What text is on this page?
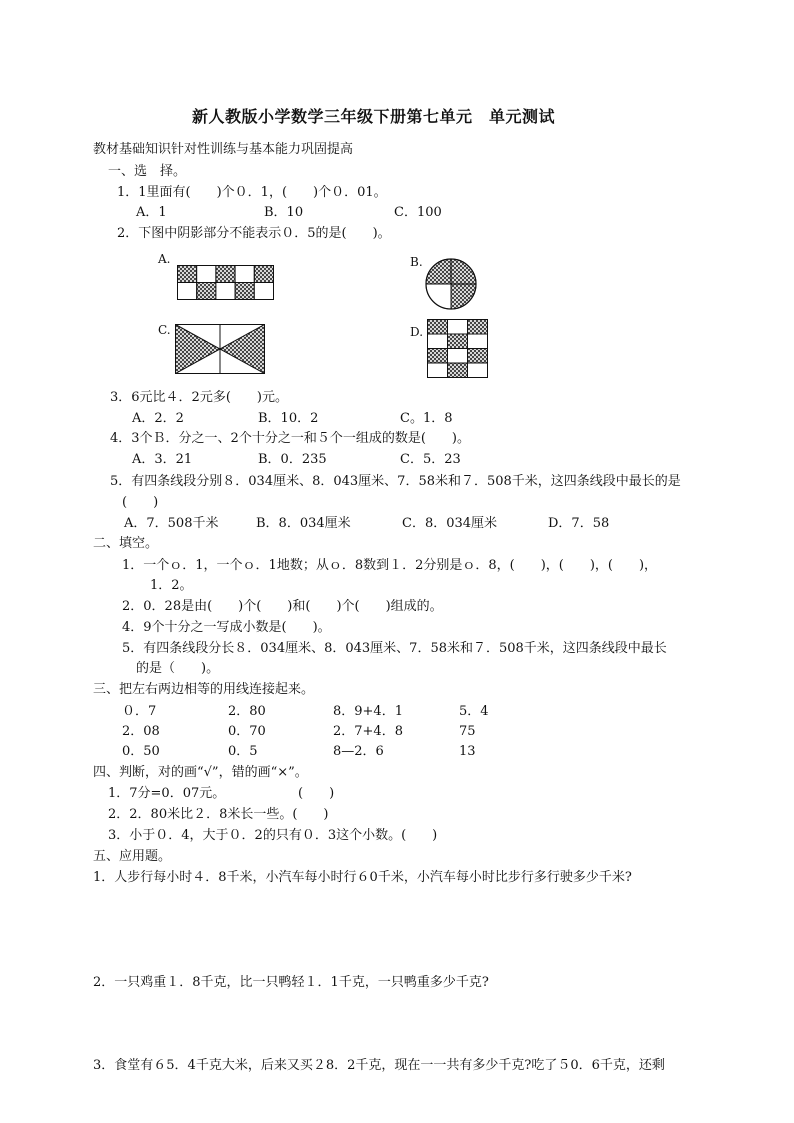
新人教版小学数学三年级下册第七单元　单元测试
教材基础知识针对性训练与基本能力巩固提高
一、选　择。
1．1里面有(　　)个０．1，(　　)个０．01。
A．1	B．10	C．100
2．下图中阴影部分不能表示０．5的是(　　)。
A.	B.
C.	D.
3．6元比４．2元多(　　)元。
A．2．2	B．10．2	C。1．8
4．3个Ｂ．分之一、2个十分之一和５个一组成的数是(　　)。
A．3．21	B．0．235	C．5．23
5．有四条线段分别８．034厘米、8．043厘米、7．58米和７．508千米，这四条线段中最长的是
(　　)
A．7．508千米	B．8．034厘米	C．8．034厘米	D．7．58
二、填空。
1．一个ｏ．1，一个ｏ．1地数；从ｏ．8数到１．2分别是ｏ．8，(　　)，(　　)，(　　)，
1．2。
2．0．28是由(　　)个(　　)和(　　)个(　　)组成的。
4．9个十分之一写成小数是(　　)。
5．有四条线段分长８．034厘米、8．043厘米、7．58米和７．508千米，这四条线段中最长
的是（　　)。
三、把左右两边相等的用线连接起来。
０．7	2．80	8．9+4．1	5．4
2．08	0．70	2．7+4．8	75
0．50	0．5	8—2．6	13
四、判断，对的画“√”，错的画“×”。
1．7分=0．07元。	(　　)
2．2．80米比２．8米长一些。(　　)
3．小于０．4，大于０．2的只有０．3这个小数。(　　)
五、应用题。
1．人步行每小时４．8千米，小汽车每小时行６0千米，小汽车每小时比步行多行驶多少千米?
2．一只鸡重１．8千克，比一只鸭轻１．1千克，一只鸭重多少千克?
3．食堂有６5．4千克大米，后来又买２8．2千克，现在一一共有多少千克?吃了５0．6千克，还剩
